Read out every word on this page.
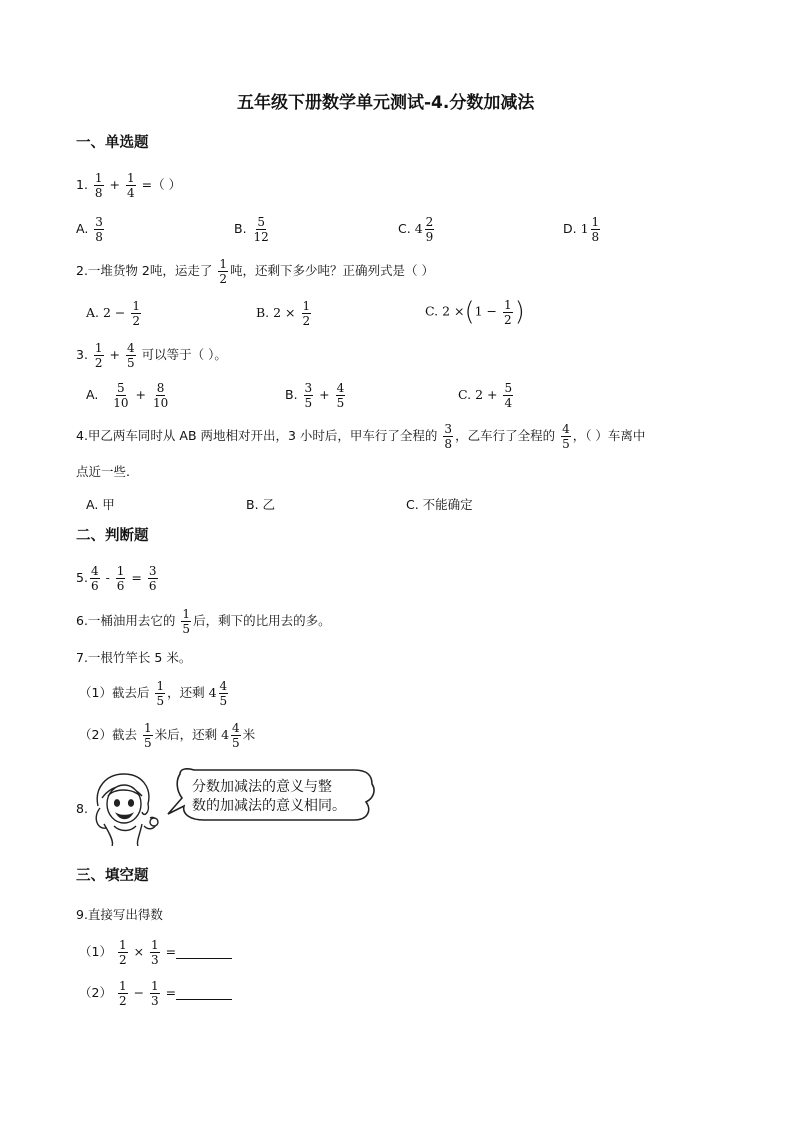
五年级下册数学单元测试-4.分数加减法
一、单选题
1. $\frac{1}{8} + \frac{1}{4}$ =（ ）
A. $\frac{3}{8}$	B. $\frac{5}{12}$	C. $4 \frac{2}{9}$	D. $1 \frac{1}{8}$
2.一堆货物 2吨，运走了 $\frac{1}{2}$ 吨，还剩下多少吨？正确列式是（ ）
A. $2 - \frac{1}{2}$	B. $2 \times \frac{1}{2}$	C. $2 \times(1 - \frac{1}{2}$ )
3. $\frac{1}{2} + \frac{4}{5}$ 可以等于（ ）。
A. $\frac{5}{10} + \frac{8}{10}$	B. $\frac{3}{5} + \frac{4}{5}$	C. $2 + \frac{5}{4}$
4.甲乙两车同时从 AB 两地相对开出，3 小时后，甲车行了全程的 $\frac{3}{8}$ ，乙车行了全程的 $\frac{4}{5}$ ，（ ）车离中
点近一些.
A. 甲	B. 乙	C. 不能确定
二、判断题
5. $\frac{4}{6} - \frac{1}{6} = \frac{3}{6}$
6.一桶油用去它的 $\frac{1}{5}$ 后，剩下的比用去的多。
7.一根竹竿长 5 米。
（1）截去后 $\frac{1}{5}$ ，还剩 $4 \frac{4}{5}$
（2）截去 $\frac{1}{5}$ 米后，还剩 $4 \frac{4}{5}$ 米
8.
分数加减法的意义与整
数的加减法的意义相同。
三、填空题
9.直接写出得数
$(1) \frac{1}{2} \times \frac{1}{3}$ =
$(2) \frac{1}{2} - \frac{1}{3}$ =
